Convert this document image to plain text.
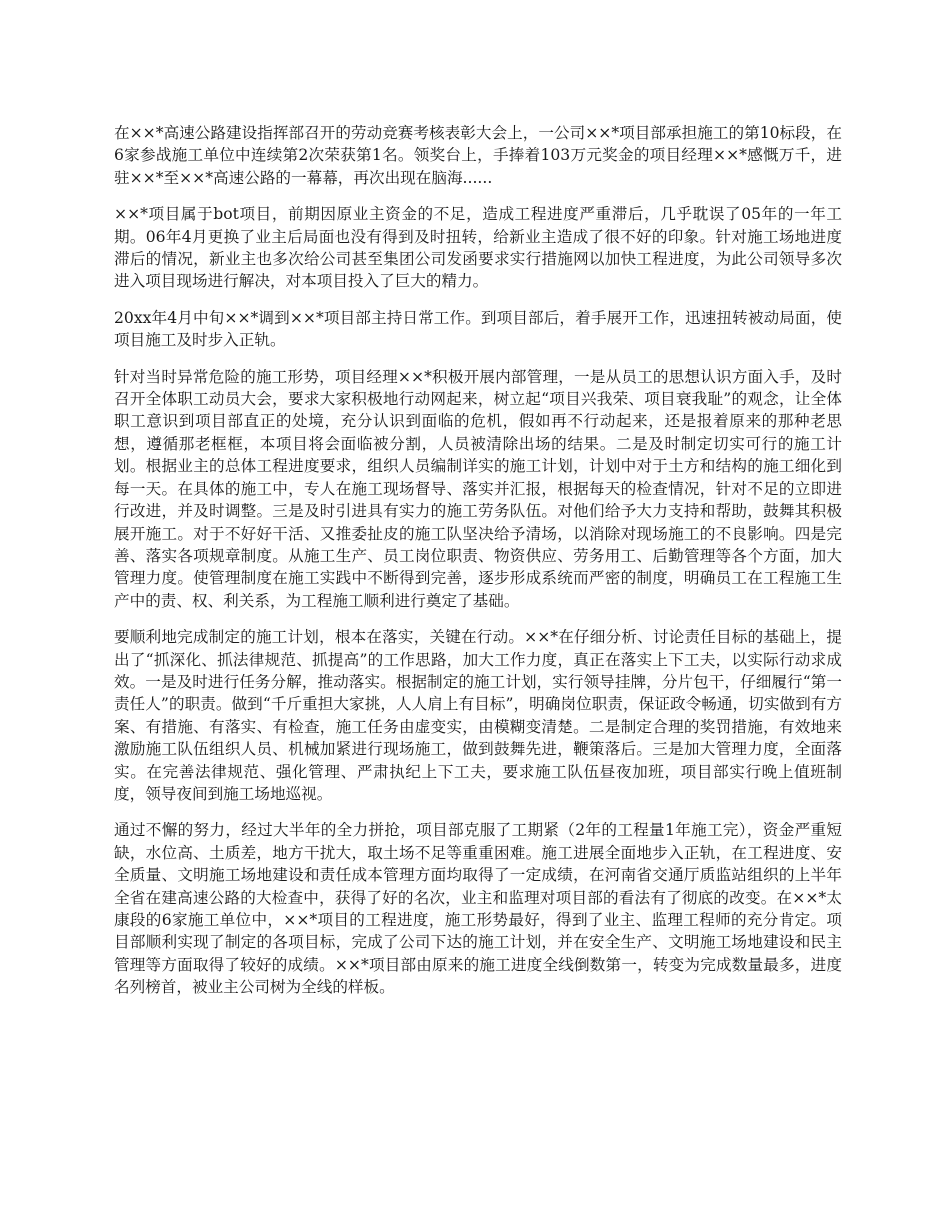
在××*高速公路建设指挥部召开的劳动竞赛考核表彰大会上，一公司××*项目部承担施工的第10标段，在6家参战施工单位中连续第2次荣获第1名。领奖台上，手捧着103万元奖金的项目经理××*感慨万千，进驻××*至××*高速公路的一幕幕，再次出现在脑海......

××*项目属于bot项目，前期因原业主资金的不足，造成工程进度严重滞后，几乎耽误了05年的一年工期。06年4月更换了业主后局面也没有得到及时扭转，给新业主造成了很不好的印象。针对施工场地进度滞后的情况，新业主也多次给公司甚至集团公司发函要求实行措施网以加快工程进度，为此公司领导多次进入项目现场进行解决，对本项目投入了巨大的精力。

20xx年4月中旬××*调到××*项目部主持日常工作。到项目部后，着手展开工作，迅速扭转被动局面，使项目施工及时步入正轨。

针对当时异常危险的施工形势，项目经理××*积极开展内部管理，一是从员工的思想认识方面入手，及时召开全体职工动员大会，要求大家积极地行动网起来，树立起“项目兴我荣、项目衰我耻”的观念，让全体职工意识到项目部直正的处境，充分认识到面临的危机，假如再不行动起来，还是报着原来的那种老思想，遵循那老框框，本项目将会面临被分割，人员被清除出场的结果。二是及时制定切实可行的施工计划。根据业主的总体工程进度要求，组织人员编制详实的施工计划，计划中对于土方和结构的施工细化到每一天。在具体的施工中，专人在施工现场督导、落实并汇报，根据每天的检查情况，针对不足的立即进行改进，并及时调整。三是及时引进具有实力的施工劳务队伍。对他们给予大力支持和帮助，鼓舞其积极展开施工。对于不好好干活、又推委扯皮的施工队坚决给予清场，以消除对现场施工的不良影响。四是完善、落实各项规章制度。从施工生产、员工岗位职责、物资供应、劳务用工、后勤管理等各个方面，加大管理力度。使管理制度在施工实践中不断得到完善，逐步形成系统而严密的制度，明确员工在工程施工生产中的责、权、利关系，为工程施工顺利进行奠定了基础。

要顺利地完成制定的施工计划，根本在落实，关键在行动。××*在仔细分析、讨论责任目标的基础上，提出了“抓深化、抓法律规范、抓提高”的工作思路，加大工作力度，真正在落实上下工夫，以实际行动求成效。一是及时进行任务分解，推动落实。根据制定的施工计划，实行领导挂牌，分片包干，仔细履行“第一责任人”的职责。做到“千斤重担大家挑，人人肩上有目标”，明确岗位职责，保证政令畅通，切实做到有方案、有措施、有落实、有检查，施工任务由虚变实，由模糊变清楚。二是制定合理的奖罚措施，有效地来激励施工队伍组织人员、机械加紧进行现场施工，做到鼓舞先进，鞭策落后。三是加大管理力度，全面落实。在完善法律规范、强化管理、严肃执纪上下工夫，要求施工队伍昼夜加班，项目部实行晚上值班制度，领导夜间到施工场地巡视。

通过不懈的努力，经过大半年的全力拼抢，项目部克服了工期紧（2年的工程量1年施工完），资金严重短缺，水位高、土质差，地方干扰大，取土场不足等重重困难。施工进展全面地步入正轨，在工程进度、安全质量、文明施工场地建设和责任成本管理方面均取得了一定成绩，在河南省交通厅质监站组织的上半年全省在建高速公路的大检查中，获得了好的名次，业主和监理对项目部的看法有了彻底的改变。在××*太康段的6家施工单位中，××*项目的工程进度，施工形势最好，得到了业主、监理工程师的充分肯定。项目部顺利实现了制定的各项目标，完成了公司下达的施工计划，并在安全生产、文明施工场地建设和民主管理等方面取得了较好的成绩。××*项目部由原来的施工进度全线倒数第一，转变为完成数量最多，进度名列榜首，被业主公司树为全线的样板。
